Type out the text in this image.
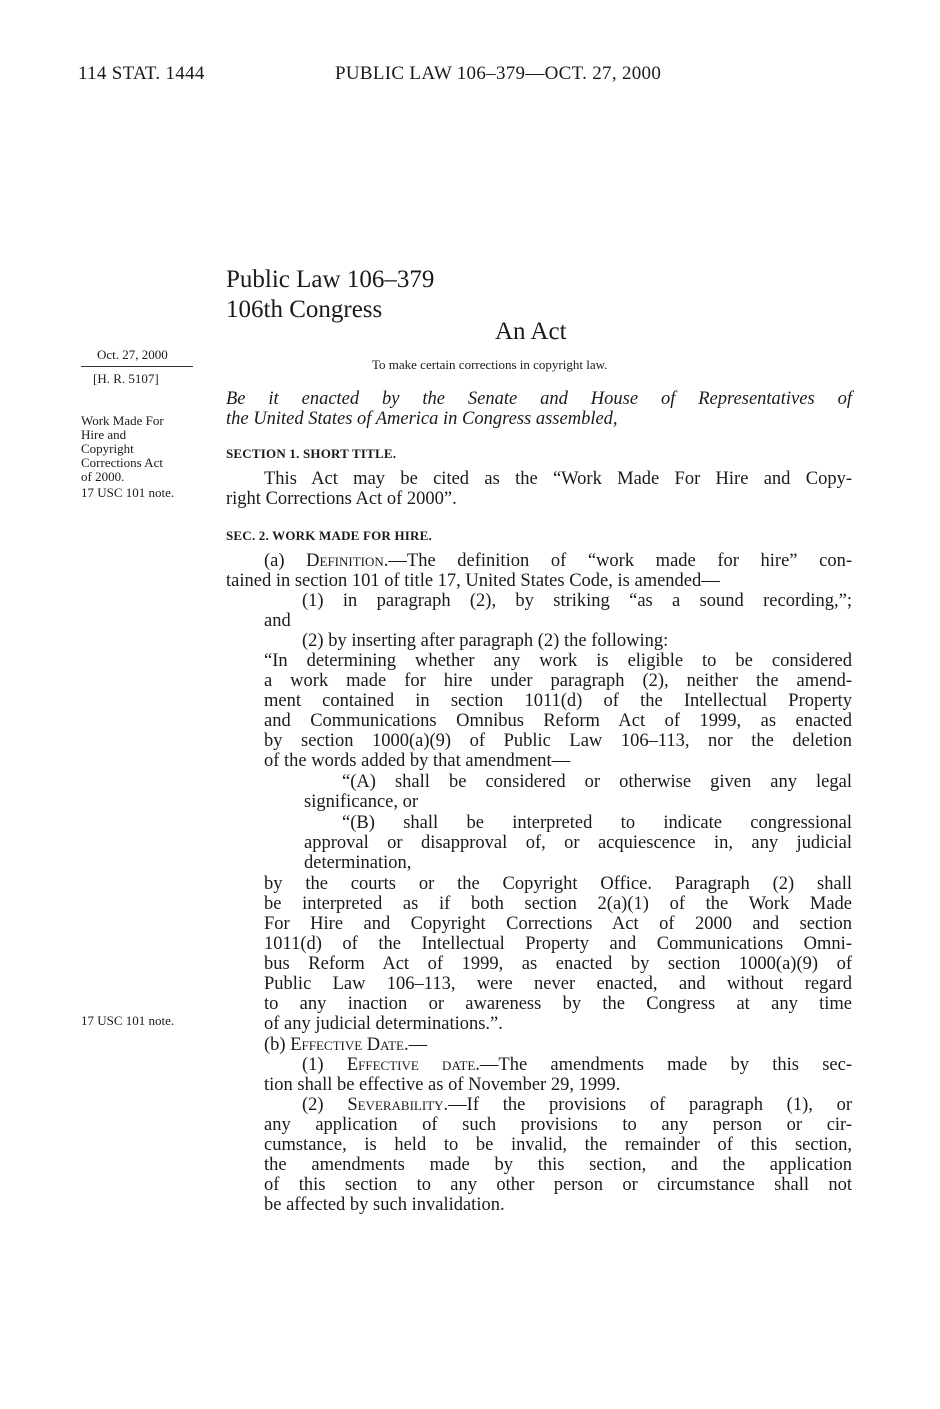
114 STAT. 1444	PUBLIC LAW 106–379—OCT. 27, 2000
Public Law 106–379
106th Congress
An Act
To make certain corrections in copyright law.
Oct. 27, 2000
[H. R. 5107]
Work Made For
Hire and
Copyright
Corrections Act
of 2000.
17 USC 101 note.
17 USC 101 note.
Be it enacted by the Senate and House of Representatives of
the United States of America in Congress assembled,
SECTION 1. SHORT TITLE.
This Act may be cited as the “Work Made For Hire and Copy-
right Corrections Act of 2000”.
SEC. 2. WORK MADE FOR HIRE.
(a) Definition.—The definition of “work made for hire” con-
tained in section 101 of title 17, United States Code, is amended—
(1) in paragraph (2), by striking “as a sound recording,”;
and
(2) by inserting after paragraph (2) the following:
“In determining whether any work is eligible to be considered
a work made for hire under paragraph (2), neither the amend-
ment contained in section 1011(d) of the Intellectual Property
and Communications Omnibus Reform Act of 1999, as enacted
by section 1000(a)(9) of Public Law 106–113, nor the deletion
of the words added by that amendment—
“(A) shall be considered or otherwise given any legal
significance, or
“(B) shall be interpreted to indicate congressional
approval or disapproval of, or acquiescence in, any judicial
determination,
by the courts or the Copyright Office. Paragraph (2) shall
be interpreted as if both section 2(a)(1) of the Work Made
For Hire and Copyright Corrections Act of 2000 and section
1011(d) of the Intellectual Property and Communications Omni-
bus Reform Act of 1999, as enacted by section 1000(a)(9) of
Public Law 106–113, were never enacted, and without regard
to any inaction or awareness by the Congress at any time
of any judicial determinations.”.
(b) Effective Date.—
(1) Effective date.—The amendments made by this sec-
tion shall be effective as of November 29, 1999.
(2) Severability.—If the provisions of paragraph (1), or
any application of such provisions to any person or cir-
cumstance, is held to be invalid, the remainder of this section,
the amendments made by this section, and the application
of this section to any other person or circumstance shall not
be affected by such invalidation.
